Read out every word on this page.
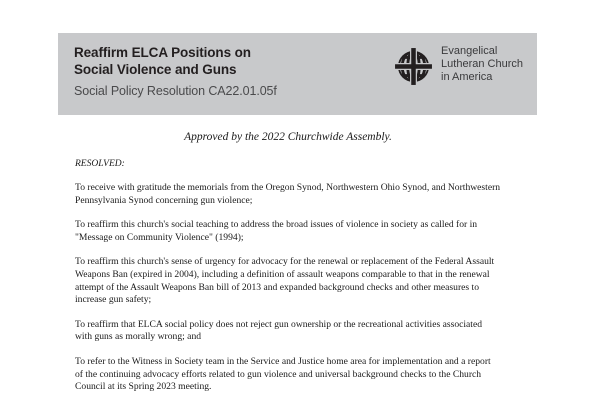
Reaffirm ELCA Positions on
Social Violence and Guns
Social Policy Resolution CA22.01.05f
Evangelical
Lutheran Church
in America

Approved by the 2022 Churchwide Assembly.

RESOLVED:

To receive with gratitude the memorials from the Oregon Synod, Northwestern Ohio Synod, and Northwestern Pennsylvania Synod concerning gun violence;

To reaffirm this church's social teaching to address the broad issues of violence in society as called for in "Message on Community Violence" (1994);

To reaffirm this church's sense of urgency for advocacy for the renewal or replacement of the Federal Assault Weapons Ban (expired in 2004), including a definition of assault weapons comparable to that in the renewal attempt of the Assault Weapons Ban bill of 2013 and expanded background checks and other measures to increase gun safety;

To reaffirm that ELCA social policy does not reject gun ownership or the recreational activities associated with guns as morally wrong; and

To refer to the Witness in Society team in the Service and Justice home area for implementation and a report of the continuing advocacy efforts related to gun violence and universal background checks to the Church Council at its Spring 2023 meeting.
